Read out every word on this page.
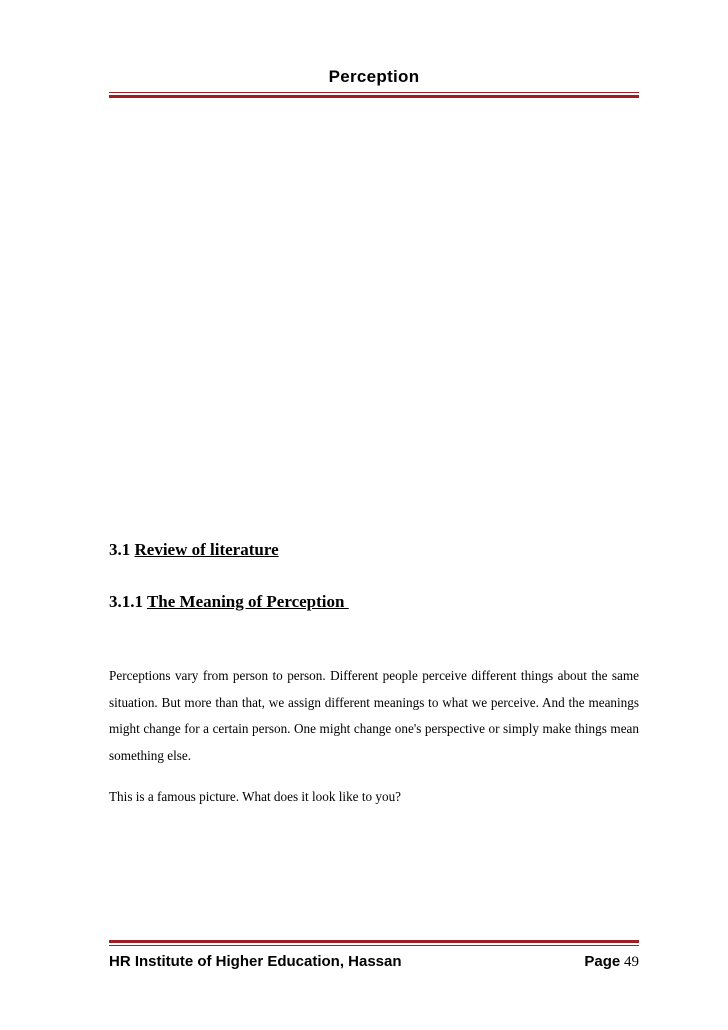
Perception
3.1 Review of literature
3.1.1 The Meaning of Perception

Perceptions vary from person to person. Different people perceive different things about the same situation. But more than that, we assign different meanings to what we perceive. And the meanings might change for a certain person. One might change one's perspective or simply make things mean something else.

This is a famous picture. What does it look like to you?

HR Institute of Higher Education, Hassan	Page 49
